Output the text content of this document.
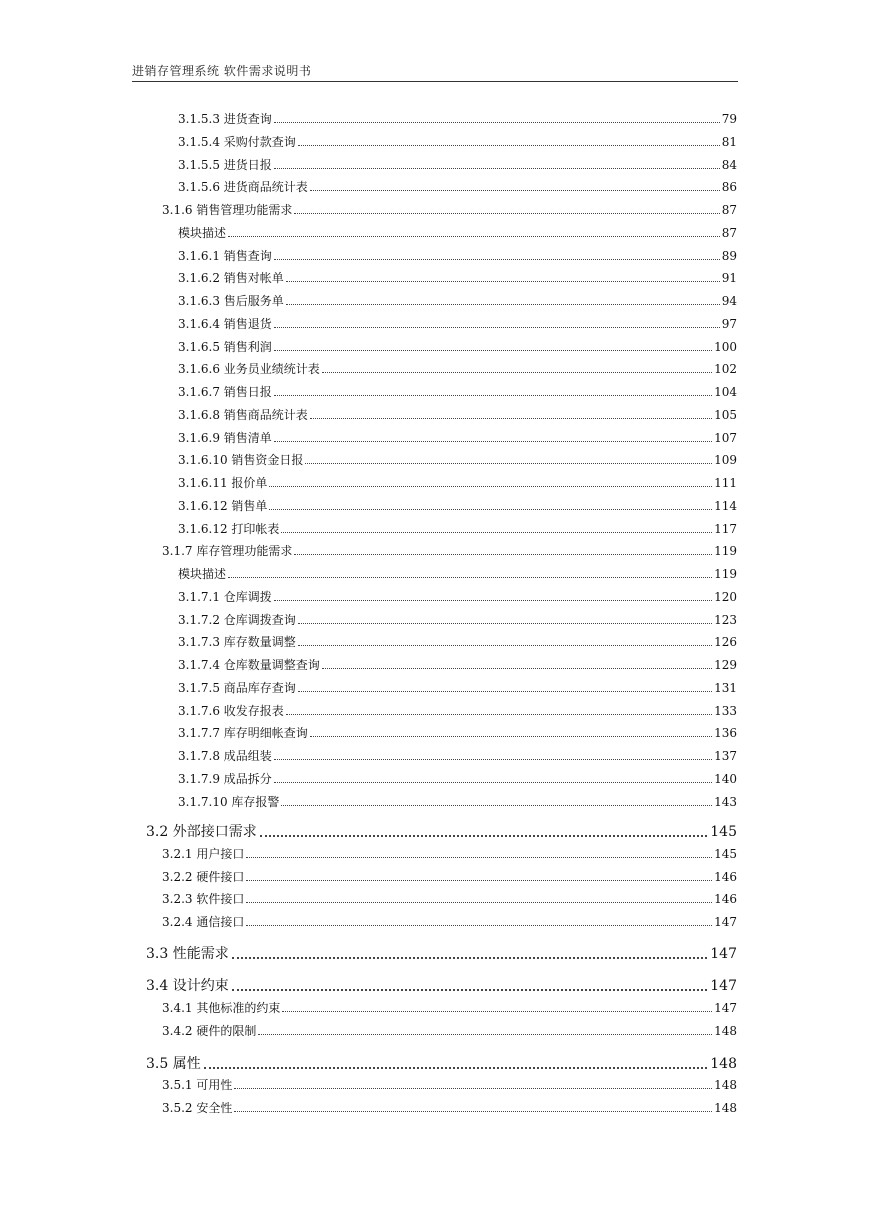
进销存管理系统 软件需求说明书
3.1.5.3 进货查询	79
3.1.5.4 采购付款查询	81
3.1.5.5 进货日报	84
3.1.5.6 进货商品统计表	86
3.1.6 销售管理功能需求	87
模块描述	87
3.1.6.1 销售查询	89
3.1.6.2 销售对帐单	91
3.1.6.3 售后服务单	94
3.1.6.4 销售退货	97
3.1.6.5 销售利润	100
3.1.6.6 业务员业绩统计表	102
3.1.6.7 销售日报	104
3.1.6.8 销售商品统计表	105
3.1.6.9 销售清单	107
3.1.6.10 销售资金日报	109
3.1.6.11 报价单	111
3.1.6.12 销售单	114
3.1.6.12 打印帐表	117
3.1.7 库存管理功能需求	119
模块描述	119
3.1.7.1 仓库调拨	120
3.1.7.2 仓库调拨查询	123
3.1.7.3 库存数量调整	126
3.1.7.4 仓库数量调整查询	129
3.1.7.5 商品库存查询	131
3.1.7.6 收发存报表	133
3.1.7.7 库存明细帐查询	136
3.1.7.8 成品组装	137
3.1.7.9 成品拆分	140
3.1.7.10 库存报警	143
3.2 外部接口需求	145
3.2.1 用户接口	145
3.2.2 硬件接口	146
3.2.3 软件接口	146
3.2.4 通信接口	147
3.3 性能需求	147
3.4 设计约束	147
3.4.1 其他标准的约束	147
3.4.2 硬件的限制	148
3.5 属性	148
3.5.1 可用性	148
3.5.2 安全性	148
